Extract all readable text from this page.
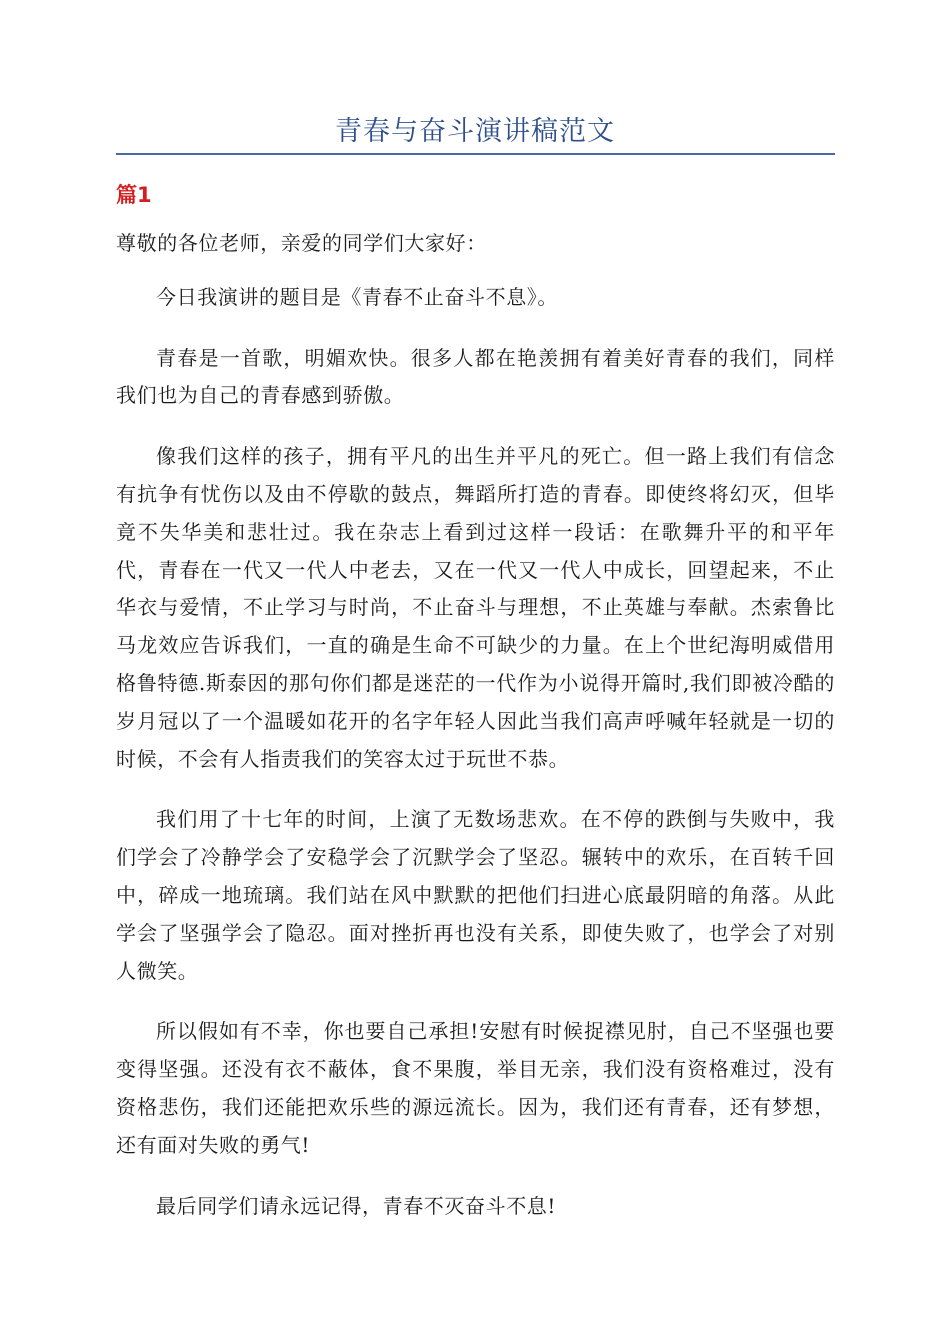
青春与奋斗演讲稿范文
篇1

尊敬的各位老师，亲爱的同学们大家好：

今日我演讲的题目是《青春不止奋斗不息》。

青春是一首歌，明媚欢快。很多人都在艳羡拥有着美好青春的我们，同样我们也为自己的青春感到骄傲。

像我们这样的孩子，拥有平凡的出生并平凡的死亡。但一路上我们有信念有抗争有忧伤以及由不停歇的鼓点，舞蹈所打造的青春。即使终将幻灭，但毕竟不失华美和悲壮过。我在杂志上看到过这样一段话：在歌舞升平的和平年代，青春在一代又一代人中老去，又在一代又一代人中成长，回望起来，不止华衣与爱情，不止学习与时尚，不止奋斗与理想，不止英雄与奉献。杰索鲁比马龙效应告诉我们，一直的确是生命不可缺少的力量。在上个世纪海明威借用格鲁特德.斯泰因的那句你们都是迷茫的一代作为小说得开篇时,我们即被冷酷的岁月冠以了一个温暖如花开的名字年轻人因此当我们高声呼喊年轻就是一切的时候，不会有人指责我们的笑容太过于玩世不恭。

我们用了十七年的时间，上演了无数场悲欢。在不停的跌倒与失败中，我们学会了冷静学会了安稳学会了沉默学会了坚忍。辗转中的欢乐，在百转千回中，碎成一地琉璃。我们站在风中默默的把他们扫进心底最阴暗的角落。从此学会了坚强学会了隐忍。面对挫折再也没有关系，即使失败了，也学会了对别人微笑。

所以假如有不幸，你也要自己承担!安慰有时候捉襟见肘，自己不坚强也要变得坚强。还没有衣不蔽体，食不果腹，举目无亲，我们没有资格难过，没有资格悲伤，我们还能把欢乐些的源远流长。因为，我们还有青春，还有梦想，还有面对失败的勇气!

最后同学们请永远记得，青春不灭奋斗不息!
